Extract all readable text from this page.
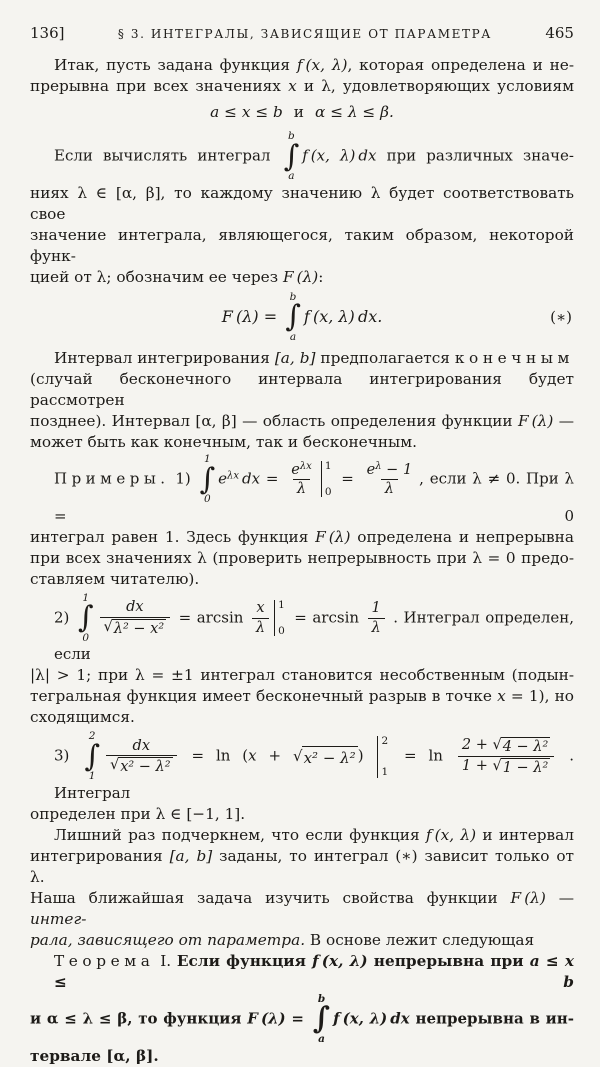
136]	§ 3. ИНТЕГРАЛЫ, ЗАВИСЯЩИЕ ОТ ПАРАМЕТРА	465
Итак, пусть задана функция f (x, λ), которая определена и не-
прерывна при всех значениях x и λ, удовлетворяющих условиям
a ≤ x ≤ b и α ≤ λ ≤ β.
Если вычислять интеграл
b
∫
a
f (x, λ) dx при различных значе-
ниях λ ∈ [α, β], то каждому значению λ будет соответствовать свое
значение интеграла, являющегося, таким образом, некоторой функ-
цией от λ; обозначим ее через F (λ):
F (λ) =
b
∫
a
f (x, λ) dx.	(∗)
Интервал интегрирования [a, b] предполагается конечным
(случай бесконечного интервала интегрирования будет рассмотрен
позднее). Интервал [α, β] — область определения функции F (λ) —
может быть как конечным, так и бесконечным.
Примеры. 1)
1
∫
0
$e^{\lambda x}$ dx = $\frac{e^{\lambda x}}{\lambda} 1$
0
= $\frac{e^\lambda - 1}{\lambda}$ , если λ ≠ 0. При λ = 0
интеграл равен 1. Здесь функция F (λ) определена и непрерывна
при всех значениях λ (проверить непрерывность при λ = 0 предо-
ставляем читателю).
2)
1
∫
0
$\frac{dx}{\text{√ λ² − x²}} = \arcsin \frac{x}{\lambda} 1$
0
= $\arcsin \frac{1}{\lambda}$ . Интеграл определен, если
|λ| > 1; при λ = ±1 интеграл становится несобственным (подын-
тегральная функция имеет бесконечный разрыв в точке x = 1), но
сходящимся.
3)
2
∫
1
$\frac{dx}{\text{√ x² − λ²}} = \ln (x$ + √ x² − λ² )
2
1
= $\ln \frac{\text{2 + √ 4 − λ²}}{\text{1 + √ 1 − λ²}}$ . Интеграл
определен при λ ∈ [−1, 1].
Лишний раз подчеркнем, что если функция f (x, λ) и интервал
интегрирования [a, b] заданы, то интеграл (∗) зависит только от λ.
Наша ближайшая задача изучить свойства функции F (λ) — интег-
рала, зависящего от параметра. В основе лежит следующая
Теорема I. Если функция f (x, λ) непрерывна при a ≤ x ≤ b
и α ≤ λ ≤ β, то функция F (λ) =
b
∫
a
f (x, λ) dx непрерывна в ин-
тервале [α, β].
